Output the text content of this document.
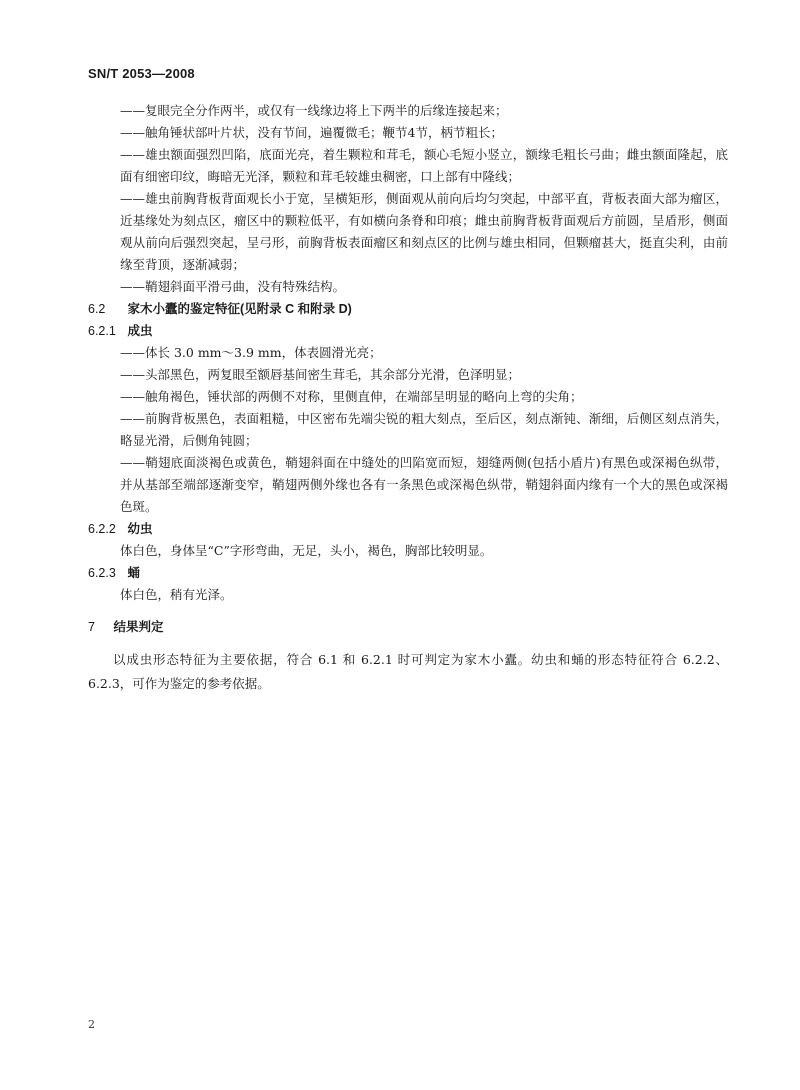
SN/T 2053—2008
——复眼完全分作两半，或仅有一线缘边将上下两半的后缘连接起来；
——触角锤状部叶片状，没有节间，遍覆微毛；鞭节4节，柄节粗长；
——雄虫额面强烈凹陷，底面光亮，着生颗粒和茸毛，额心毛短小竖立，额缘毛粗长弓曲；雌虫额面隆起，底面有细密印纹，晦暗无光泽，颗粒和茸毛较雄虫稠密，口上部有中隆线；
——雄虫前胸背板背面观长小于宽，呈横矩形，侧面观从前向后均匀突起，中部平直，背板表面大部为瘤区，近基缘处为刻点区，瘤区中的颗粒低平，有如横向条脊和印痕；雌虫前胸背板背面观后方前圆，呈盾形，侧面观从前向后强烈突起，呈弓形，前胸背板表面瘤区和刻点区的比例与雄虫相同，但颗瘤甚大，挺直尖利，由前缘至背顶，逐渐减弱；
——鞘翅斜面平滑弓曲，没有特殊结构。
6.2 家木小蠹的鉴定特征(见附录 C 和附录 D)
6.2.1 成虫
——体长 3.0 mm～3.9 mm，体表圆滑光亮；
——头部黑色，两复眼至额唇基间密生茸毛，其余部分光滑，色泽明显；
——触角褐色，锤状部的两侧不对称，里侧直伸，在端部呈明显的略向上弯的尖角；
——前胸背板黑色，表面粗糙，中区密布先端尖锐的粗大刻点，至后区，刻点渐钝、渐细，后侧区刻点消失，略显光滑，后侧角钝圆；
——鞘翅底面淡褐色或黄色，鞘翅斜面在中缝处的凹陷宽而短，翅缝两侧(包括小盾片)有黑色或深褐色纵带，并从基部至端部逐渐变窄，鞘翅两侧外缘也各有一条黑色或深褐色纵带，鞘翅斜面内缘有一个大的黑色或深褐色斑。
6.2.2 幼虫
体白色，身体呈“C”字形弯曲，无足，头小，褐色，胸部比较明显。
6.2.3 蛹
体白色，稍有光泽。
7 结果判定
以成虫形态特征为主要依据，符合 6.1 和 6.2.1 时可判定为家木小蠹。幼虫和蛹的形态特征符合 6.2.2、6.2.3，可作为鉴定的参考依据。
2
